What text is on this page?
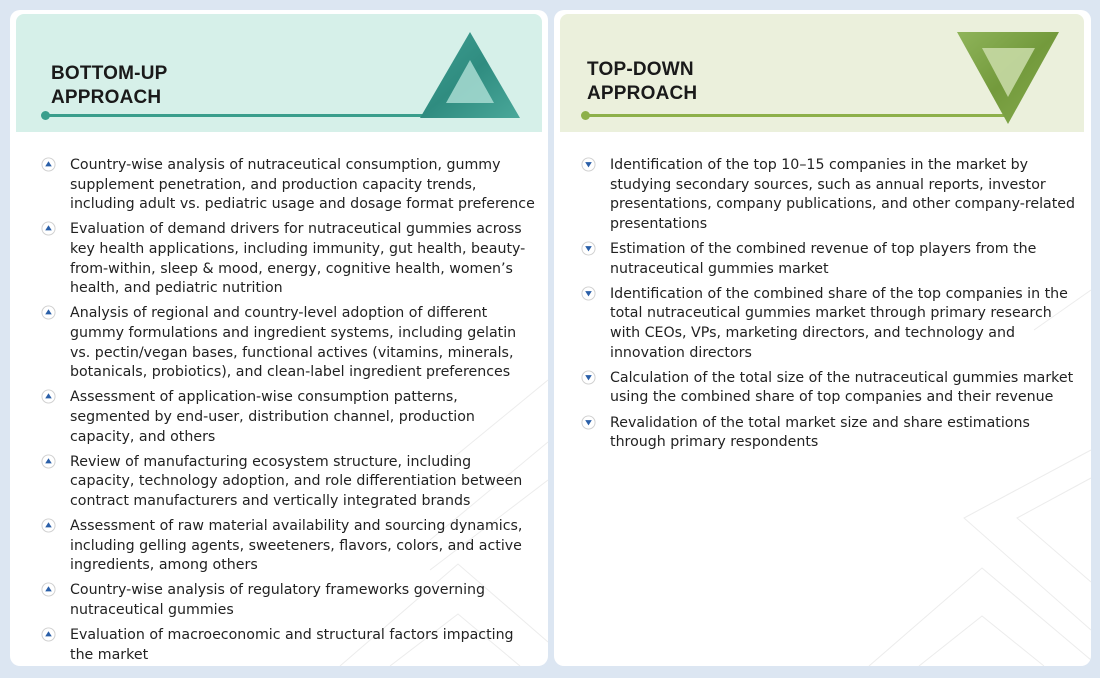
BOTTOM-UP
APPROACH
Country-wise analysis of nutraceutical consumption, gummy supplement penetration, and production capacity trends, including adult vs. pediatric usage and dosage format preference
Evaluation of demand drivers for nutraceutical gummies across key health applications, including immunity, gut health, beauty-from-within, sleep & mood, energy, cognitive health, women’s health, and pediatric nutrition
Analysis of regional and country-level adoption of different gummy formulations and ingredient systems, including gelatin vs. pectin/vegan bases, functional actives (vitamins, minerals, botanicals, probiotics), and clean-label ingredient preferences
Assessment of application-wise consumption patterns, segmented by end-user, distribution channel, production capacity, and others
Review of manufacturing ecosystem structure, including capacity, technology adoption, and role differentiation between contract manufacturers and vertically integrated brands
Assessment of raw material availability and sourcing dynamics, including gelling agents, sweeteners, flavors, colors, and active ingredients, among others
Country-wise analysis of regulatory frameworks governing nutraceutical gummies
Evaluation of macroeconomic and structural factors impacting the market
TOP-DOWN
APPROACH
Identification of the top 10–15 companies in the market by studying secondary sources, such as annual reports, investor presentations, company publications, and other company-related presentations
Estimation of the combined revenue of top players from the nutraceutical gummies market
Identification of the combined share of the top companies in the total nutraceutical gummies market through primary research with CEOs, VPs, marketing directors, and technology and innovation directors
Calculation of the total size of the nutraceutical gummies market using the combined share of top companies and their revenue
Revalidation of the total market size and share estimations through primary respondents
